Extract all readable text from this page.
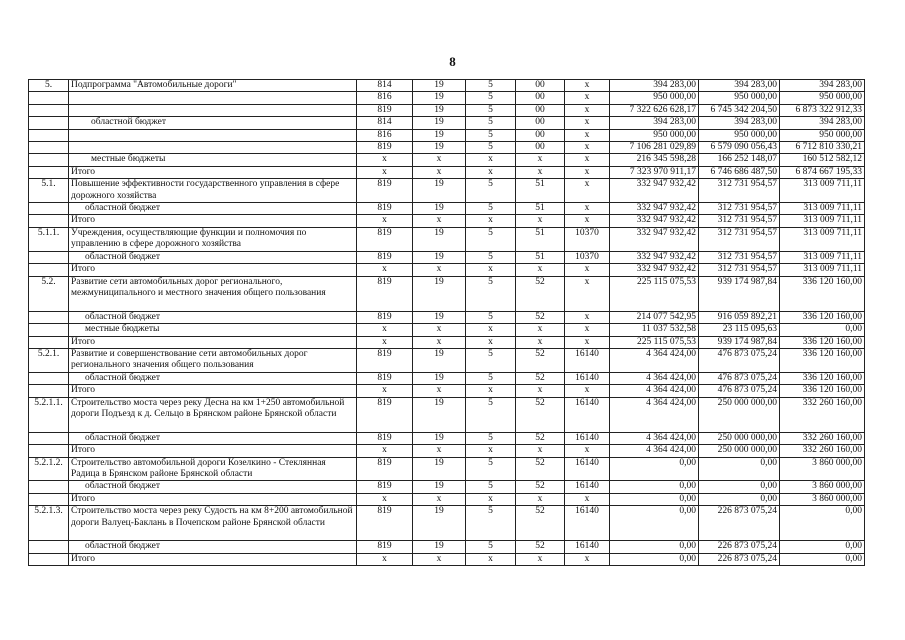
8
5.	Подпрограмма "Автомобильные дороги"	814	19	5	00	x	394 283,00	394 283,00	394 283,00
		816	19	5	00	x	950 000,00	950 000,00	950 000,00
		819	19	5	00	x	7 322 626 628,17	6 745 342 204,50	6 873 322 912,33
	областной бюджет	814	19	5	00	x	394 283,00	394 283,00	394 283,00
		816	19	5	00	x	950 000,00	950 000,00	950 000,00
		819	19	5	00	x	7 106 281 029,89	6 579 090 056,43	6 712 810 330,21
	местные бюджеты	x	x	x	x	x	216 345 598,28	166 252 148,07	160 512 582,12
	Итого	x	x	x	x	x	7 323 970 911,17	6 746 686 487,50	6 874 667 195,33
5.1.	Повышение эффективности государственного управления в сфере дорожного хозяйства	819	19	5	51	x	332 947 932,42	312 731 954,57	313 009 711,11
	областной бюджет	819	19	5	51	x	332 947 932,42	312 731 954,57	313 009 711,11
	Итого	x	x	x	x	x	332 947 932,42	312 731 954,57	313 009 711,11
5.1.1.	Учреждения, осуществляющие функции и полномочия по управлению в сфере дорожного хозяйства	819	19	5	51	10370	332 947 932,42	312 731 954,57	313 009 711,11
	областной бюджет	819	19	5	51	10370	332 947 932,42	312 731 954,57	313 009 711,11
	Итого	x	x	x	x	x	332 947 932,42	312 731 954,57	313 009 711,11
5.2.	Развитие сети автомобильных дорог регионального, межмуниципального и местного значения общего пользования	819	19	5	52	x	225 115 075,53	939 174 987,84	336 120 160,00
	областной бюджет	819	19	5	52	x	214 077 542,95	916 059 892,21	336 120 160,00
	местные бюджеты	x	x	x	x	x	11 037 532,58	23 115 095,63	0,00
	Итого	x	x	x	x	x	225 115 075,53	939 174 987,84	336 120 160,00
5.2.1.	Развитие и совершенствование сети автомобильных дорог регионального значения общего пользования	819	19	5	52	16140	4 364 424,00	476 873 075,24	336 120 160,00
	областной бюджет	819	19	5	52	16140	4 364 424,00	476 873 075,24	336 120 160,00
	Итого	x	x	x	x	x	4 364 424,00	476 873 075,24	336 120 160,00
5.2.1.1.	Строительство моста через реку Десна на км 1+250 автомобильной дороги Подъезд к д. Сельцо в Брянском районе Брянской области	819	19	5	52	16140	4 364 424,00	250 000 000,00	332 260 160,00
	областной бюджет	819	19	5	52	16140	4 364 424,00	250 000 000,00	332 260 160,00
	Итого	x	x	x	x	x	4 364 424,00	250 000 000,00	332 260 160,00
5.2.1.2.	Строительство автомобильной дороги Козелкино - Стеклянная Радица в Брянском районе Брянской области	819	19	5	52	16140	0,00	0,00	3 860 000,00
	областной бюджет	819	19	5	52	16140	0,00	0,00	3 860 000,00
	Итого	x	x	x	x	x	0,00	0,00	3 860 000,00
5.2.1.3.	Строительство моста через реку Судость на км 8+200 автомобильной дороги Валуец-Баклань в Почепском районе Брянской области	819	19	5	52	16140	0,00	226 873 075,24	0,00
	областной бюджет	819	19	5	52	16140	0,00	226 873 075,24	0,00
	Итого	x	x	x	x	x	0,00	226 873 075,24	0,00
